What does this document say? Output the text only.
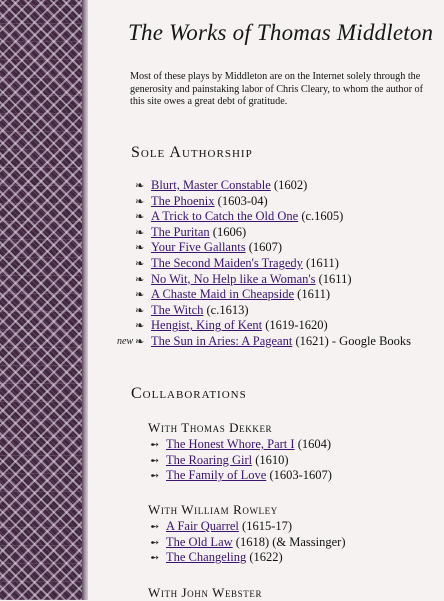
The Works of Thomas Middleton
Most of these plays by Middleton are on the Internet solely through the generosity and painstaking labor of Chris Cleary, to whom the author of this site owes a great debt of gratitude.
Sole Authorship
❧ Blurt, Master Constable (1602)
❧ The Phoenix (1603-04)
❧ A Trick to Catch the Old One (c.1605)
❧ The Puritan (1606)
❧ Your Five Gallants (1607)
❧ The Second Maiden's Tragedy (1611)
❧ No Wit, No Help like a Woman's (1611)
❧ A Chaste Maid in Cheapside (1611)
❧ The Witch (c.1613)
❧ Hengist, King of Kent (1619-1620)
new ❧ The Sun in Aries: A Pageant (1621) - Google Books
Collaborations
With Thomas Dekker
➻ The Honest Whore, Part I (1604)
➻ The Roaring Girl (1610)
➻ The Family of Love (1603-1607)
With William Rowley
➻ A Fair Quarrel (1615-17)
➻ The Old Law (1618) (& Massinger)
➻ The Changeling (1622)
With John Webster
